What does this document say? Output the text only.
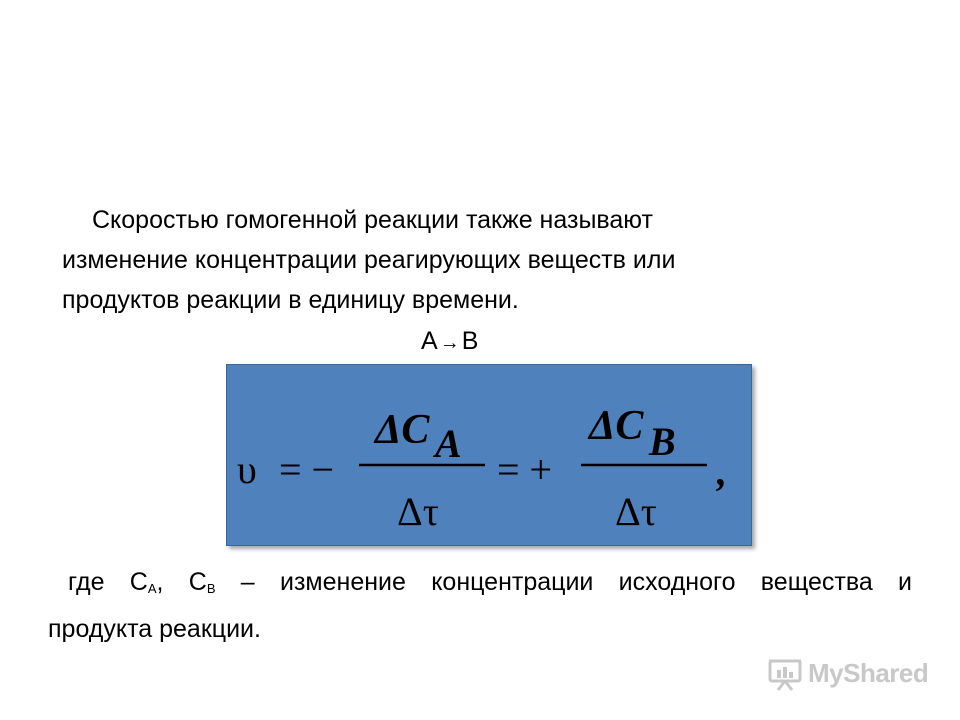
Скоростью гомогенной реакции также называют
изменение концентрации реагирующих веществ или
продуктов реакции в единицу времени.
A →B
υ = −
ΔC A
Δτ
= +
ΔC B
Δτ
,
где $С_A$, $С_B$ – изменение концентрации исходного вещества и
продукта реакции.
MyShared
